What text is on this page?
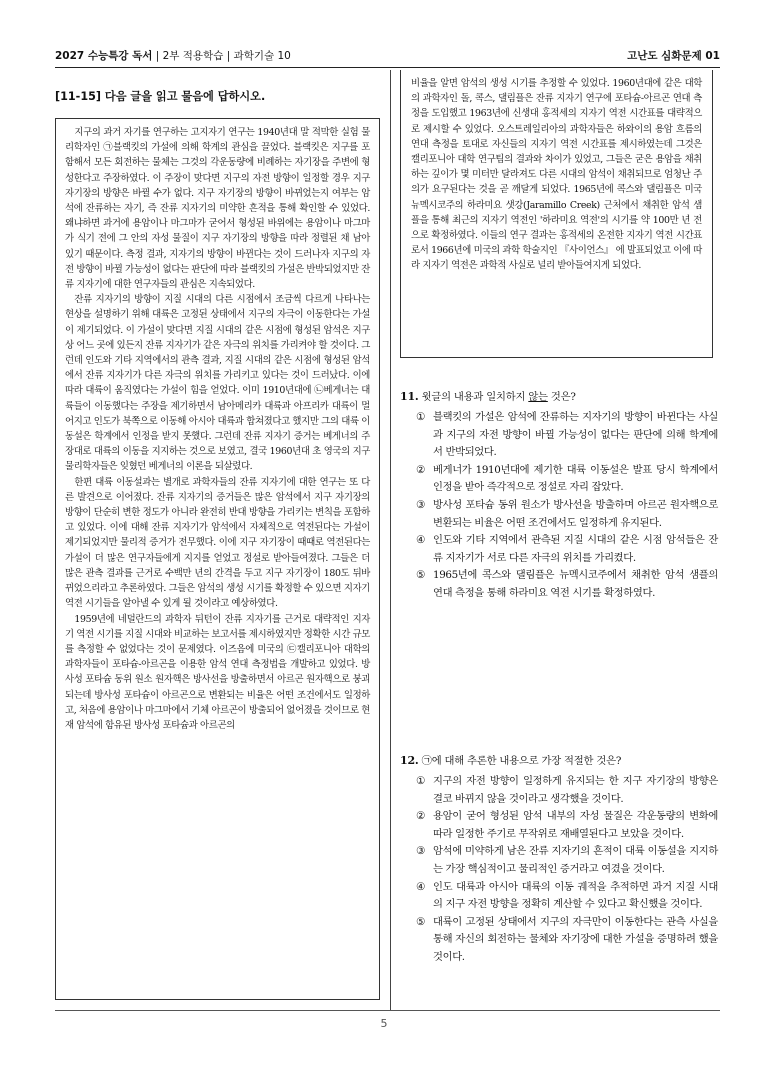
2027 수능특강 독서 | 2부 적용학습 | 과학기술 10	고난도 심화문제 01
[11-15] 다음 글을 읽고 물음에 답하시오.

지구의 과거 자기를 연구하는 고지자기 연구는 1940년대 말 적막한 실험 물리학자인 ㉠블랙킷의 가설에 의해 학계의 관심을 끌었다. 블랙킷은 지구를 포함해서 모든 회전하는 물체는 그것의 각운동량에 비례하는 자기장을 주변에 형성한다고 주장하였다. 이 주장이 맞다면 지구의 자전 방향이 일정할 경우 지구 자기장의 방향은 바뀔 수가 없다. 지구 자기장의 방향이 바뀌었는지 여부는 암석에 잔류하는 자기, 즉 잔류 지자기의 미약한 흔적을 통해 확인할 수 있었다. 왜냐하면 과거에 용암이나 마그마가 굳어서 형성된 바위에는 용암이나 마그마가 식기 전에 그 안의 자성 물질이 지구 자기장의 방향을 따라 정렬된 채 남아 있기 때문이다. 측정 결과, 지자기의 방향이 바뀐다는 것이 드러나자 지구의 자전 방향이 바뀔 가능성이 없다는 판단에 따라 블랙킷의 가설은 반박되었지만 잔류 지자기에 대한 연구자들의 관심은 지속되었다.

잔류 지자기의 방향이 지질 시대의 다른 시점에서 조금씩 다르게 나타나는 현상을 설명하기 위해 대륙은 고정된 상태에서 지구의 자극이 이동한다는 가설이 제기되었다. 이 가설이 맞다면 지질 시대의 같은 시점에 형성된 암석은 지구상 어느 곳에 있든지 잔류 지자기가 같은 자극의 위치를 가리켜야 할 것이다. 그런데 인도와 기타 지역에서의 관측 결과, 지질 시대의 같은 시점에 형성된 암석에서 잔류 지자기가 다른 자극의 위치를 가리키고 있다는 것이 드러났다. 이에 따라 대륙이 움직였다는 가설이 힘을 얻었다. 이미 1910년대에 ㉡베게너는 대륙들이 이동했다는 주장을 제기하면서 남아메리카 대륙과 아프리카 대륙이 멀어지고 인도가 북쪽으로 이동해 아시아 대륙과 합쳐졌다고 했지만 그의 대륙 이동설은 학계에서 인정을 받지 못했다. 그런데 잔류 지자기 증거는 베게너의 주장대로 대륙의 이동을 지지하는 것으로 보였고, 결국 1960년대 초 영국의 지구 물리학자들은 잊혔던 베게너의 이론을 되살렸다.

한편 대륙 이동설과는 별개로 과학자들의 잔류 지자기에 대한 연구는 또 다른 발견으로 이어졌다. 잔류 지자기의 증거들은 많은 암석에서 지구 자기장의 방향이 단순히 변한 정도가 아니라 완전히 반대 방향을 가리키는 변칙을 포함하고 있었다. 이에 대해 잔류 지자기가 암석에서 자체적으로 역전된다는 가설이 제기되었지만 물리적 증거가 전무했다. 이에 지구 자기장이 때때로 역전된다는 가설이 더 많은 연구자들에게 지지를 얻었고 정설로 받아들여졌다. 그들은 더 많은 관측 결과를 근거로 수백만 년의 간격을 두고 지구 자기장이 180도 뒤바뀌었으리라고 추론하였다. 그들은 암석의 생성 시기를 확정할 수 있으면 지자기 역전 시기들을 알아낼 수 있게 될 것이라고 예상하였다.

1959년에 네덜란드의 과학자 뒤턴이 잔류 지자기를 근거로 대략적인 지자기 역전 시기를 지질 시대와 비교하는 보고서를 제시하였지만 정확한 시간 규모를 측정할 수 없었다는 것이 문제였다. 이즈음에 미국의 ㉢캘리포니아 대학의 과학자들이 포타슘-아르곤을 이용한 암석 연대 측정법을 개발하고 있었다. 방사성 포타슘 동위 원소 원자핵은 방사선을 방출하면서 아르곤 원자핵으로 붕괴되는데 방사성 포타슘이 아르곤으로 변환되는 비율은 어떤 조건에서도 일정하고, 처음에 용암이나 마그마에서 기체 아르곤이 방출되어 없어졌을 것이므로 현재 암석에 함유된 방사성 포타슘과 아르곤의

비율을 알면 암석의 생성 시기를 추정할 수 있었다. 1960년대에 같은 대학의 과학자인 돌, 콕스, 댈림플은 잔류 지자기 연구에 포타슘-아르곤 연대 측정을 도입했고 1963년에 신생대 홍적세의 지자기 역전 시간표를 대략적으로 제시할 수 있었다. 오스트레일리아의 과학자들은 하와이의 용암 흐름의 연대 측정을 토대로 자신들의 지자기 역전 시간표를 제시하였는데 그것은 캘리포니아 대학 연구팀의 결과와 차이가 있었고, 그들은 굳은 용암을 채취하는 깊이가 몇 미터만 달라져도 다른 시대의 암석이 채취되므로 엄청난 주의가 요구된다는 것을 곧 깨달게 되었다. 1965년에 콕스와 댈림플은 미국 뉴멕시코주의 하라미요 샛강(Jaramillo Creek) 근처에서 채취한 암석 샘플을 통해 최근의 지자기 역전인 '하라미요 역전'의 시기를 약 100만 년 전으로 확정하였다. 이들의 연구 결과는 홍적세의 온전한 지자기 역전 시간표로서 1966년에 미국의 과학 학술지인 『사이언스』 에 발표되었고 이에 따라 지자기 역전은 과학적 사실로 널리 받아들여지게 되었다.

11. 윗글의 내용과 일치하지 않는 것은?
① 블랙킷의 가설은 암석에 잔류하는 지자기의 방향이 바뀐다는 사실과 지구의 자전 방향이 바뀔 가능성이 없다는 판단에 의해 학계에서 반박되었다.
② 베게너가 1910년대에 제기한 대륙 이동설은 발표 당시 학계에서 인정을 받아 즉각적으로 정설로 자리 잡았다.
③ 방사성 포타슘 동위 원소가 방사선을 방출하며 아르곤 원자핵으로 변환되는 비율은 어떤 조건에서도 일정하게 유지된다.
④ 인도와 기타 지역에서 관측된 지질 시대의 같은 시점 암석들은 잔류 지자기가 서로 다른 자극의 위치를 가리켰다.
⑤ 1965년에 콕스와 댈림플은 뉴멕시코주에서 채취한 암석 샘플의 연대 측정을 통해 하라미요 역전 시기를 확정하였다.
12. ㉠에 대해 추론한 내용으로 가장 적절한 것은?
① 지구의 자전 방향이 일정하게 유지되는 한 지구 자기장의 방향은 결코 바뀌지 않을 것이라고 생각했을 것이다.
② 용암이 굳어 형성된 암석 내부의 자성 물질은 각운동량의 변화에 따라 일정한 주기로 무작위로 재배열된다고 보았을 것이다.
③ 암석에 미약하게 남은 잔류 지자기의 흔적이 대륙 이동설을 지지하는 가장 핵심적이고 물리적인 증거라고 여겼을 것이다.
④ 인도 대륙과 아시아 대륙의 이동 궤적을 추적하면 과거 지질 시대의 지구 자전 방향을 정확히 계산할 수 있다고 확신했을 것이다.
⑤ 대륙이 고정된 상태에서 지구의 자극만이 이동한다는 관측 사실을 통해 자신의 회전하는 물체와 자기장에 대한 가설을 증명하려 했을 것이다.
5
